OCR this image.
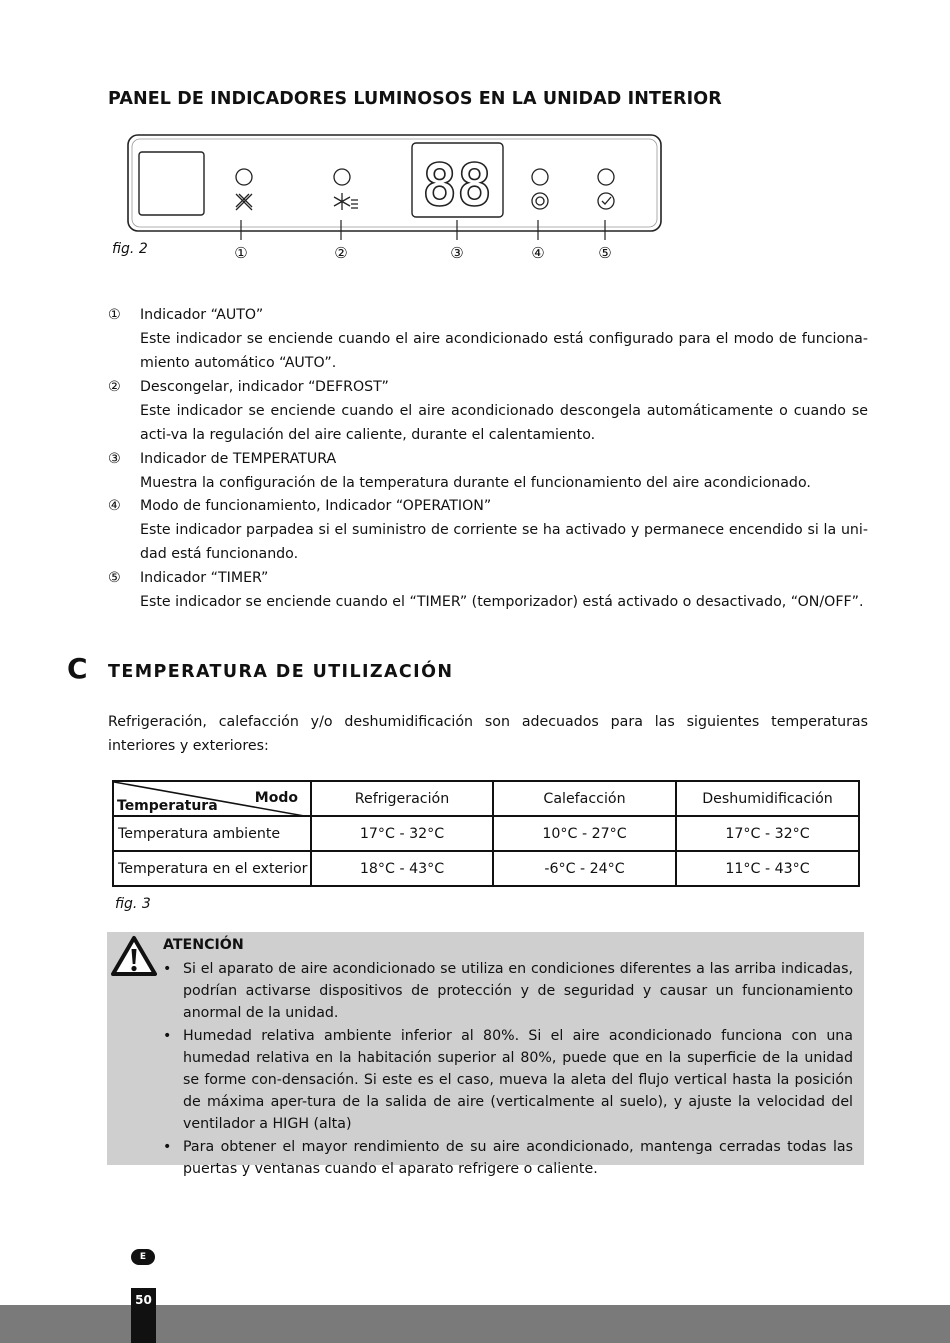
PANEL DE INDICADORES LUMINOSOS EN LA UNIDAD INTERIOR
88
①	②	③	④	⑤
fig. 2
①	Indicador “AUTO”
Este indicador se enciende cuando el aire acondicionado está configurado para el modo de funciona-miento automático “AUTO”.
②	Descongelar, indicador “DEFROST”
Este indicador se enciende cuando el aire acondicionado descongela automáticamente o cuando se acti-va la regulación del aire caliente, durante el calentamiento.
③	Indicador de TEMPERATURA
Muestra la configuración de la temperatura durante el funcionamiento del aire acondicionado.
④	Modo de funcionamiento, Indicador “OPERATION”
Este indicador parpadea si el suministro de corriente se ha activado y permanece encendido si la uni-dad está funcionando.
⑤	Indicador “TIMER”
Este indicador se enciende cuando el “TIMER” (temporizador) está activado o desactivado, “ON/OFF”.
C TEMPERATURA DE UTILIZACIÓN
Refrigeración, calefacción y/o deshumidificación son adecuados para las siguientes temperaturas interiores y exteriores:
Modo
Temperatura	Refrigeración	Calefacción	Deshumidificación
Temperatura ambiente	17°C - 32°C	10°C - 27°C	17°C - 32°C
Temperatura en el exterior	18°C - 43°C	-6°C - 24°C	11°C - 43°C
fig. 3
ATENCIÓN
• Si el aparato de aire acondicionado se utiliza en condiciones diferentes a las arriba indicadas, podrían activarse dispositivos de protección y de seguridad y causar un funcionamiento anormal de la unidad.
• Humedad relativa ambiente inferior al 80%. Si el aire acondicionado funciona con una humedad relativa en la habitación superior al 80%, puede que en la superficie de la unidad se forme con-densación. Si este es el caso, mueva la aleta del flujo vertical hasta la posición de máxima aper-tura de la salida de aire (verticalmente al suelo), y ajuste la velocidad del ventilador a HIGH (alta)
• Para obtener el mayor rendimiento de su aire acondicionado, mantenga cerradas todas las puertas y ventanas cuando el aparato refrigere o caliente.
E
50
